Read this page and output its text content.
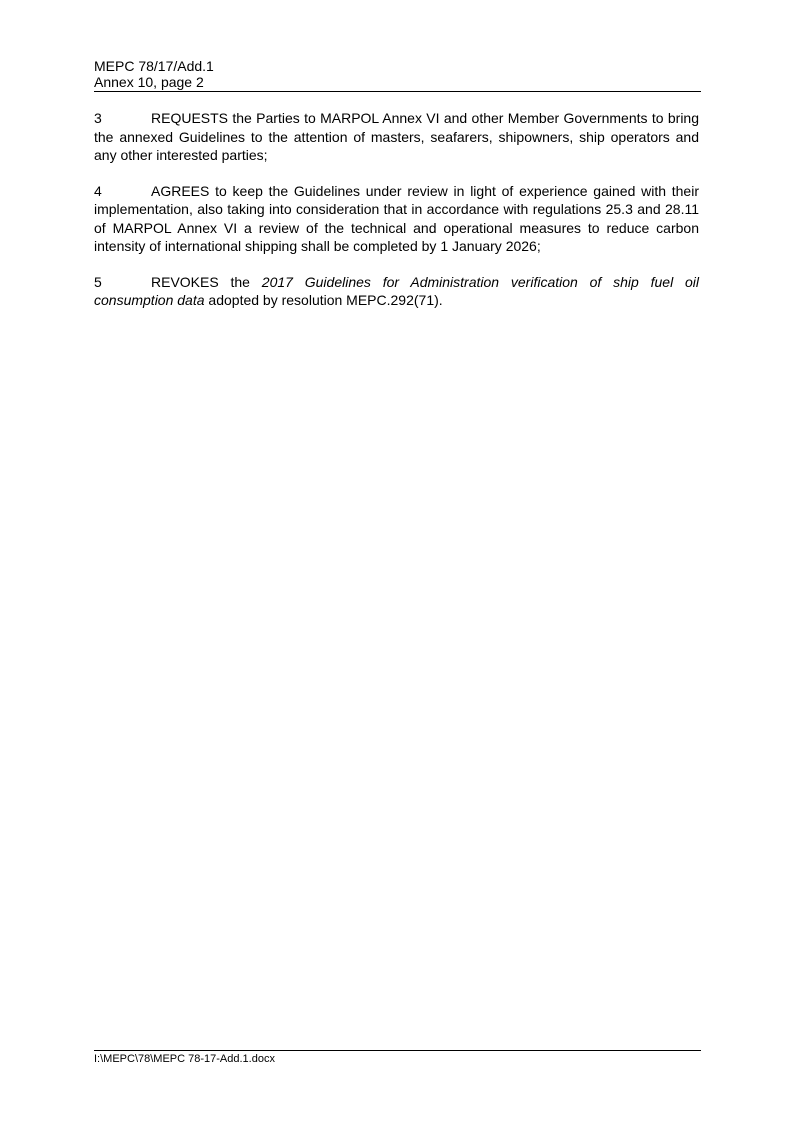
MEPC 78/17/Add.1
Annex 10, page 2

3	REQUESTS the Parties to MARPOL Annex VI and other Member Governments to bring the annexed Guidelines to the attention of masters, seafarers, shipowners, ship operators and any other interested parties;

4	AGREES to keep the Guidelines under review in light of experience gained with their implementation, also taking into consideration that in accordance with regulations 25.3 and 28.11 of MARPOL Annex VI a review of the technical and operational measures to reduce carbon intensity of international shipping shall be completed by 1 January 2026;

5	REVOKES the 2017 Guidelines for Administration verification of ship fuel oil consumption data adopted by resolution MEPC.292(71).

I:\MEPC\78\MEPC 78-17-Add.1.docx
